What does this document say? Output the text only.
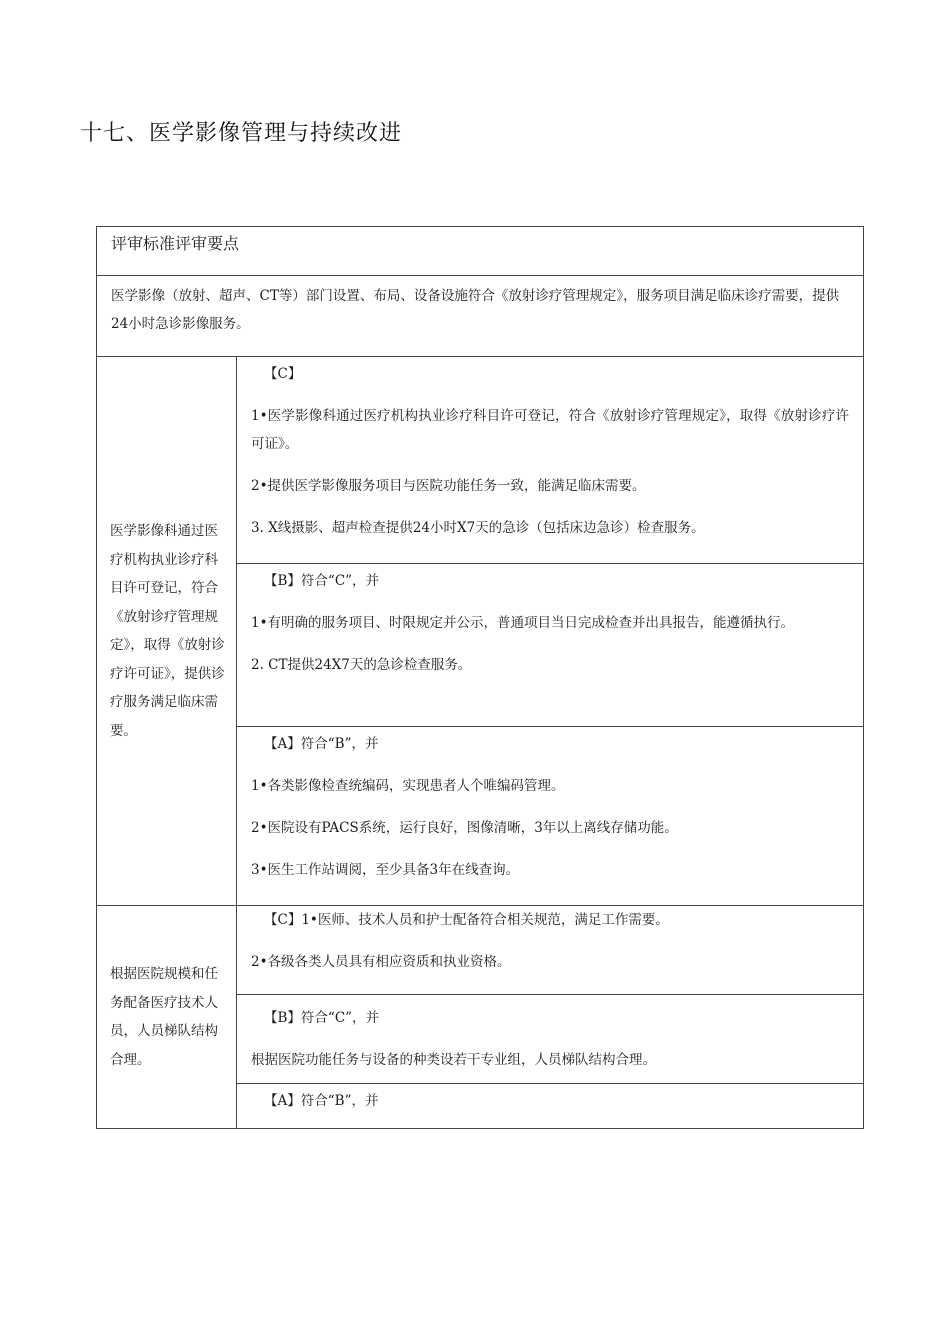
十七、医学影像管理与持续改进
评审标准评审要点	
医学影像（放射、超声、CT等）部门设置、布局、设备设施符合《放射诊疗管理规定》，服务项目满足临床诊疗需要，提供24小时急诊影像服务。	
医学影像科通过医疗机构执业诊疗科目许可登记，符合《放射诊疗管理规定》，取得《放射诊疗许可证》，提供诊疗服务满足临床需要。	【C】
1•医学影像科通过医疗机构执业诊疗科目许可登记，符合《放射诊疗管理规定》，取得《放射诊疗许可证》。
2•提供医学影像服务项目与医院功能任务一致，能满足临床需要。
3. X线摄影、超声检查提供24小时X7天的急诊（包括床边急诊）检查服务。

	【B】符合“C”，并
1•有明确的服务项目、时限规定并公示，普通项目当日完成检查并出具报告，能遵循执行。
2. CT提供24X7天的急诊检查服务。

	【A】符合“B”，并
1•各类影像检查统编码，实现患者人个唯编码管理。
2•医院设有PACS系统，运行良好，图像清晰，3年以上离线存储功能。
3•医生工作站调阅，至少具备3年在线查询。

根据医院规模和任务配备医疗技术人员，人员梯队结构合理。	【C】1•医师、技术人员和护士配备符合相关规范，满足工作需要。
2•各级各类人员具有相应资质和执业资格。

	【B】符合“C”，并
根据医院功能任务与设备的种类设若干专业组，人员梯队结构合理。

	【A】符合“B”，并
